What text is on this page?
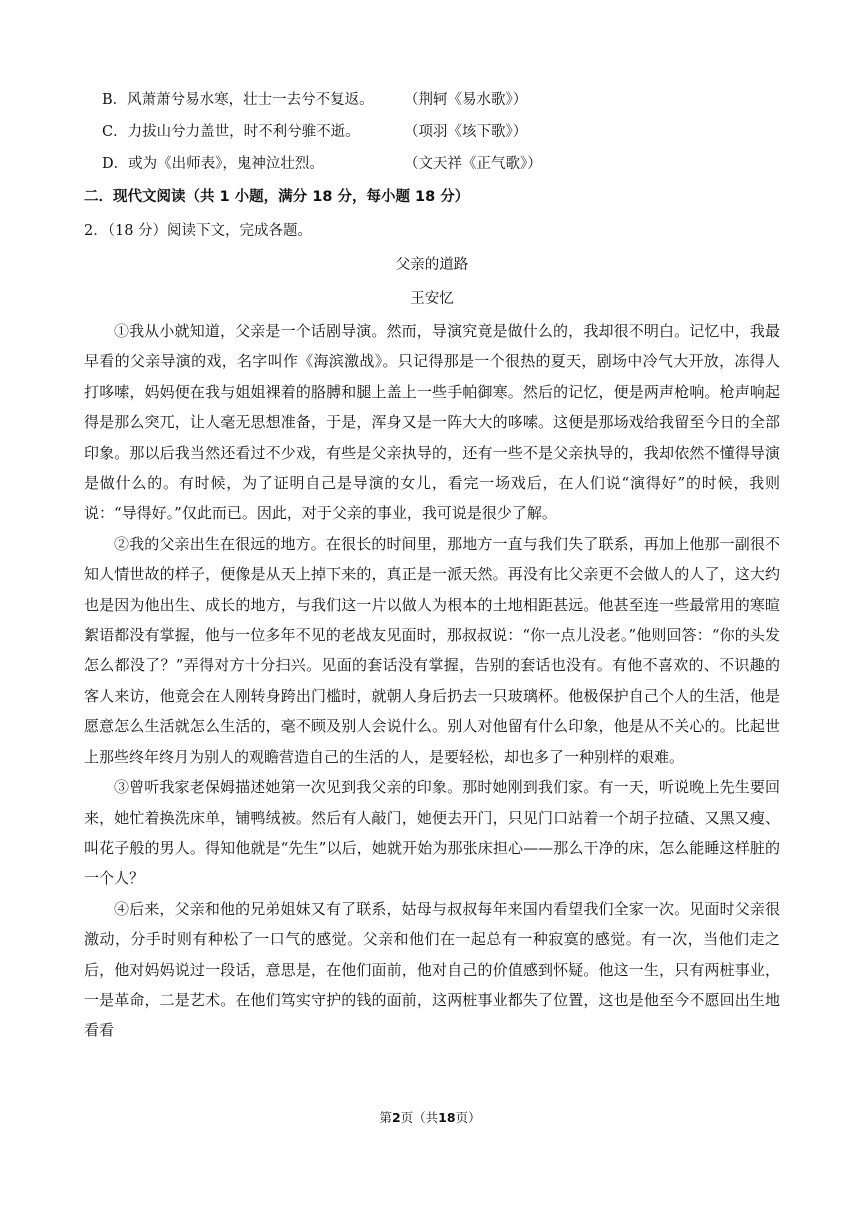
B．风萧萧兮易水寒，壮士一去兮不复返。	（荆轲《易水歌》）
C．力拔山兮力盖世，时不利兮骓不逝。	（项羽《垓下歌》）
D．或为《出师表》，鬼神泣壮烈。	（文天祥《正气歌》）
二．现代文阅读（共 1 小题，满分 18 分，每小题 18 分）
2．（18 分）阅读下文，完成各题。
父亲的道路
王安忆

①我从小就知道，父亲是一个话剧导演。然而，导演究竟是做什么的，我却很不明白。记忆中，我最早看的父亲导演的戏，名字叫作《海滨激战》。只记得那是一个很热的夏天，剧场中冷气大开放，冻得人打哆嗦，妈妈便在我与姐姐裸着的胳膊和腿上盖上一些手帕御寒。然后的记忆，便是两声枪响。枪声响起得是那么突兀，让人毫无思想准备，于是，浑身又是一阵大大的哆嗦。这便是那场戏给我留至今日的全部印象。那以后我当然还看过不少戏，有些是父亲执导的，还有一些不是父亲执导的，我却依然不懂得导演是做什么的。有时候，为了证明自己是导演的女儿，看完一场戏后，在人们说“演得好”的时候，我则说：“导得好。”仅此而已。因此，对于父亲的事业，我可说是很少了解。

②我的父亲出生在很远的地方。在很长的时间里，那地方一直与我们失了联系，再加上他那一副很不知人情世故的样子，便像是从天上掉下来的，真正是一派天然。再没有比父亲更不会做人的人了，这大约也是因为他出生、成长的地方，与我们这一片以做人为根本的土地相距甚远。他甚至连一些最常用的寒暄絮语都没有掌握，他与一位多年不见的老战友见面时，那叔叔说：“你一点儿没老。”他则回答：“你的头发怎么都没了？”弄得对方十分扫兴。见面的套话没有掌握，告别的套话也没有。有他不喜欢的、不识趣的客人来访，他竟会在人刚转身跨出门槛时，就朝人身后扔去一只玻璃杯。他极保护自己个人的生活，他是愿意怎么生活就怎么生活的，毫不顾及别人会说什么。别人对他留有什么印象，他是从不关心的。比起世上那些终年终月为别人的观瞻营造自己的生活的人，是要轻松，却也多了一种别样的艰难。

③曾听我家老保姆描述她第一次见到我父亲的印象。那时她刚到我们家。有一天，听说晚上先生要回来，她忙着换洗床单，铺鸭绒被。然后有人敲门，她便去开门，只见门口站着一个胡子拉碴、又黑又瘦、叫花子般的男人。得知他就是“先生”以后，她就开始为那张床担心——那么干净的床，怎么能睡这样脏的一个人？

④后来，父亲和他的兄弟姐妹又有了联系，姑母与叔叔每年来国内看望我们全家一次。见面时父亲很激动，分手时则有种松了一口气的感觉。父亲和他们在一起总有一种寂寞的感觉。有一次，当他们走之后，他对妈妈说过一段话，意思是，在他们面前，他对自己的价值感到怀疑。他这一生，只有两桩事业，一是革命，二是艺术。在他们笃实守护的钱的面前，这两桩事业都失了位置，这也是他至今不愿回出生地看看

第2页（共18页）
